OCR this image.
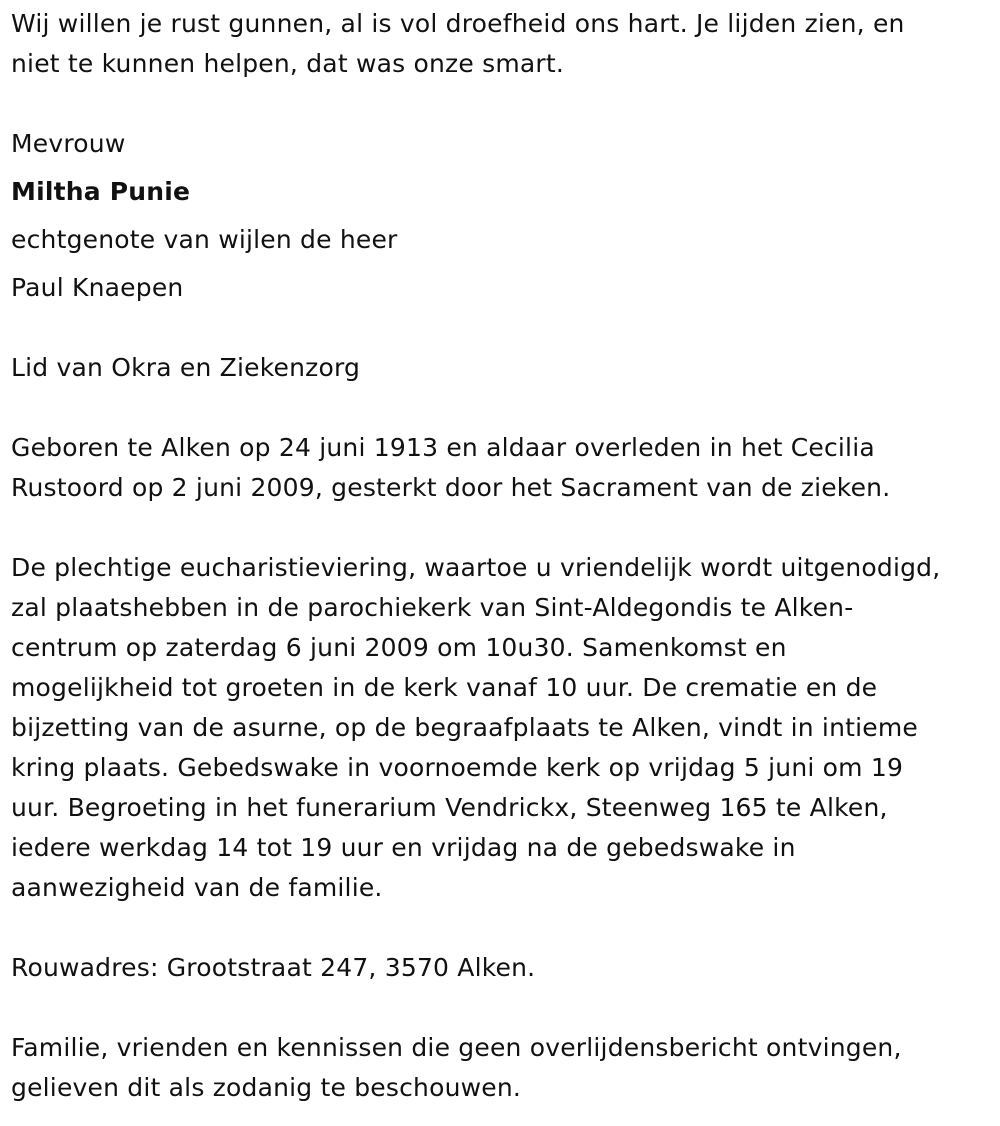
Wij willen je rust gunnen, al is vol droefheid ons hart. Je lijden zien, en
niet te kunnen helpen, dat was onze smart.

Mevrouw

Miltha Punie

echtgenote van wijlen de heer

Paul Knaepen

Lid van Okra en Ziekenzorg

Geboren te Alken op 24 juni 1913 en aldaar overleden in het Cecilia
Rustoord op 2 juni 2009, gesterkt door het Sacrament van de zieken.

De plechtige eucharistieviering, waartoe u vriendelijk wordt uitgenodigd,
zal plaatshebben in de parochiekerk van Sint-Aldegondis te Alken-
centrum op zaterdag 6 juni 2009 om 10u30. Samenkomst en
mogelijkheid tot groeten in de kerk vanaf 10 uur. De crematie en de
bijzetting van de asurne, op de begraafplaats te Alken, vindt in intieme
kring plaats. Gebedswake in voornoemde kerk op vrijdag 5 juni om 19
uur. Begroeting in het funerarium Vendrickx, Steenweg 165 te Alken,
iedere werkdag 14 tot 19 uur en vrijdag na de gebedswake in
aanwezigheid van de familie.

Rouwadres: Grootstraat 247, 3570 Alken.

Familie, vrienden en kennissen die geen overlijdensbericht ontvingen,
gelieven dit als zodanig te beschouwen.
